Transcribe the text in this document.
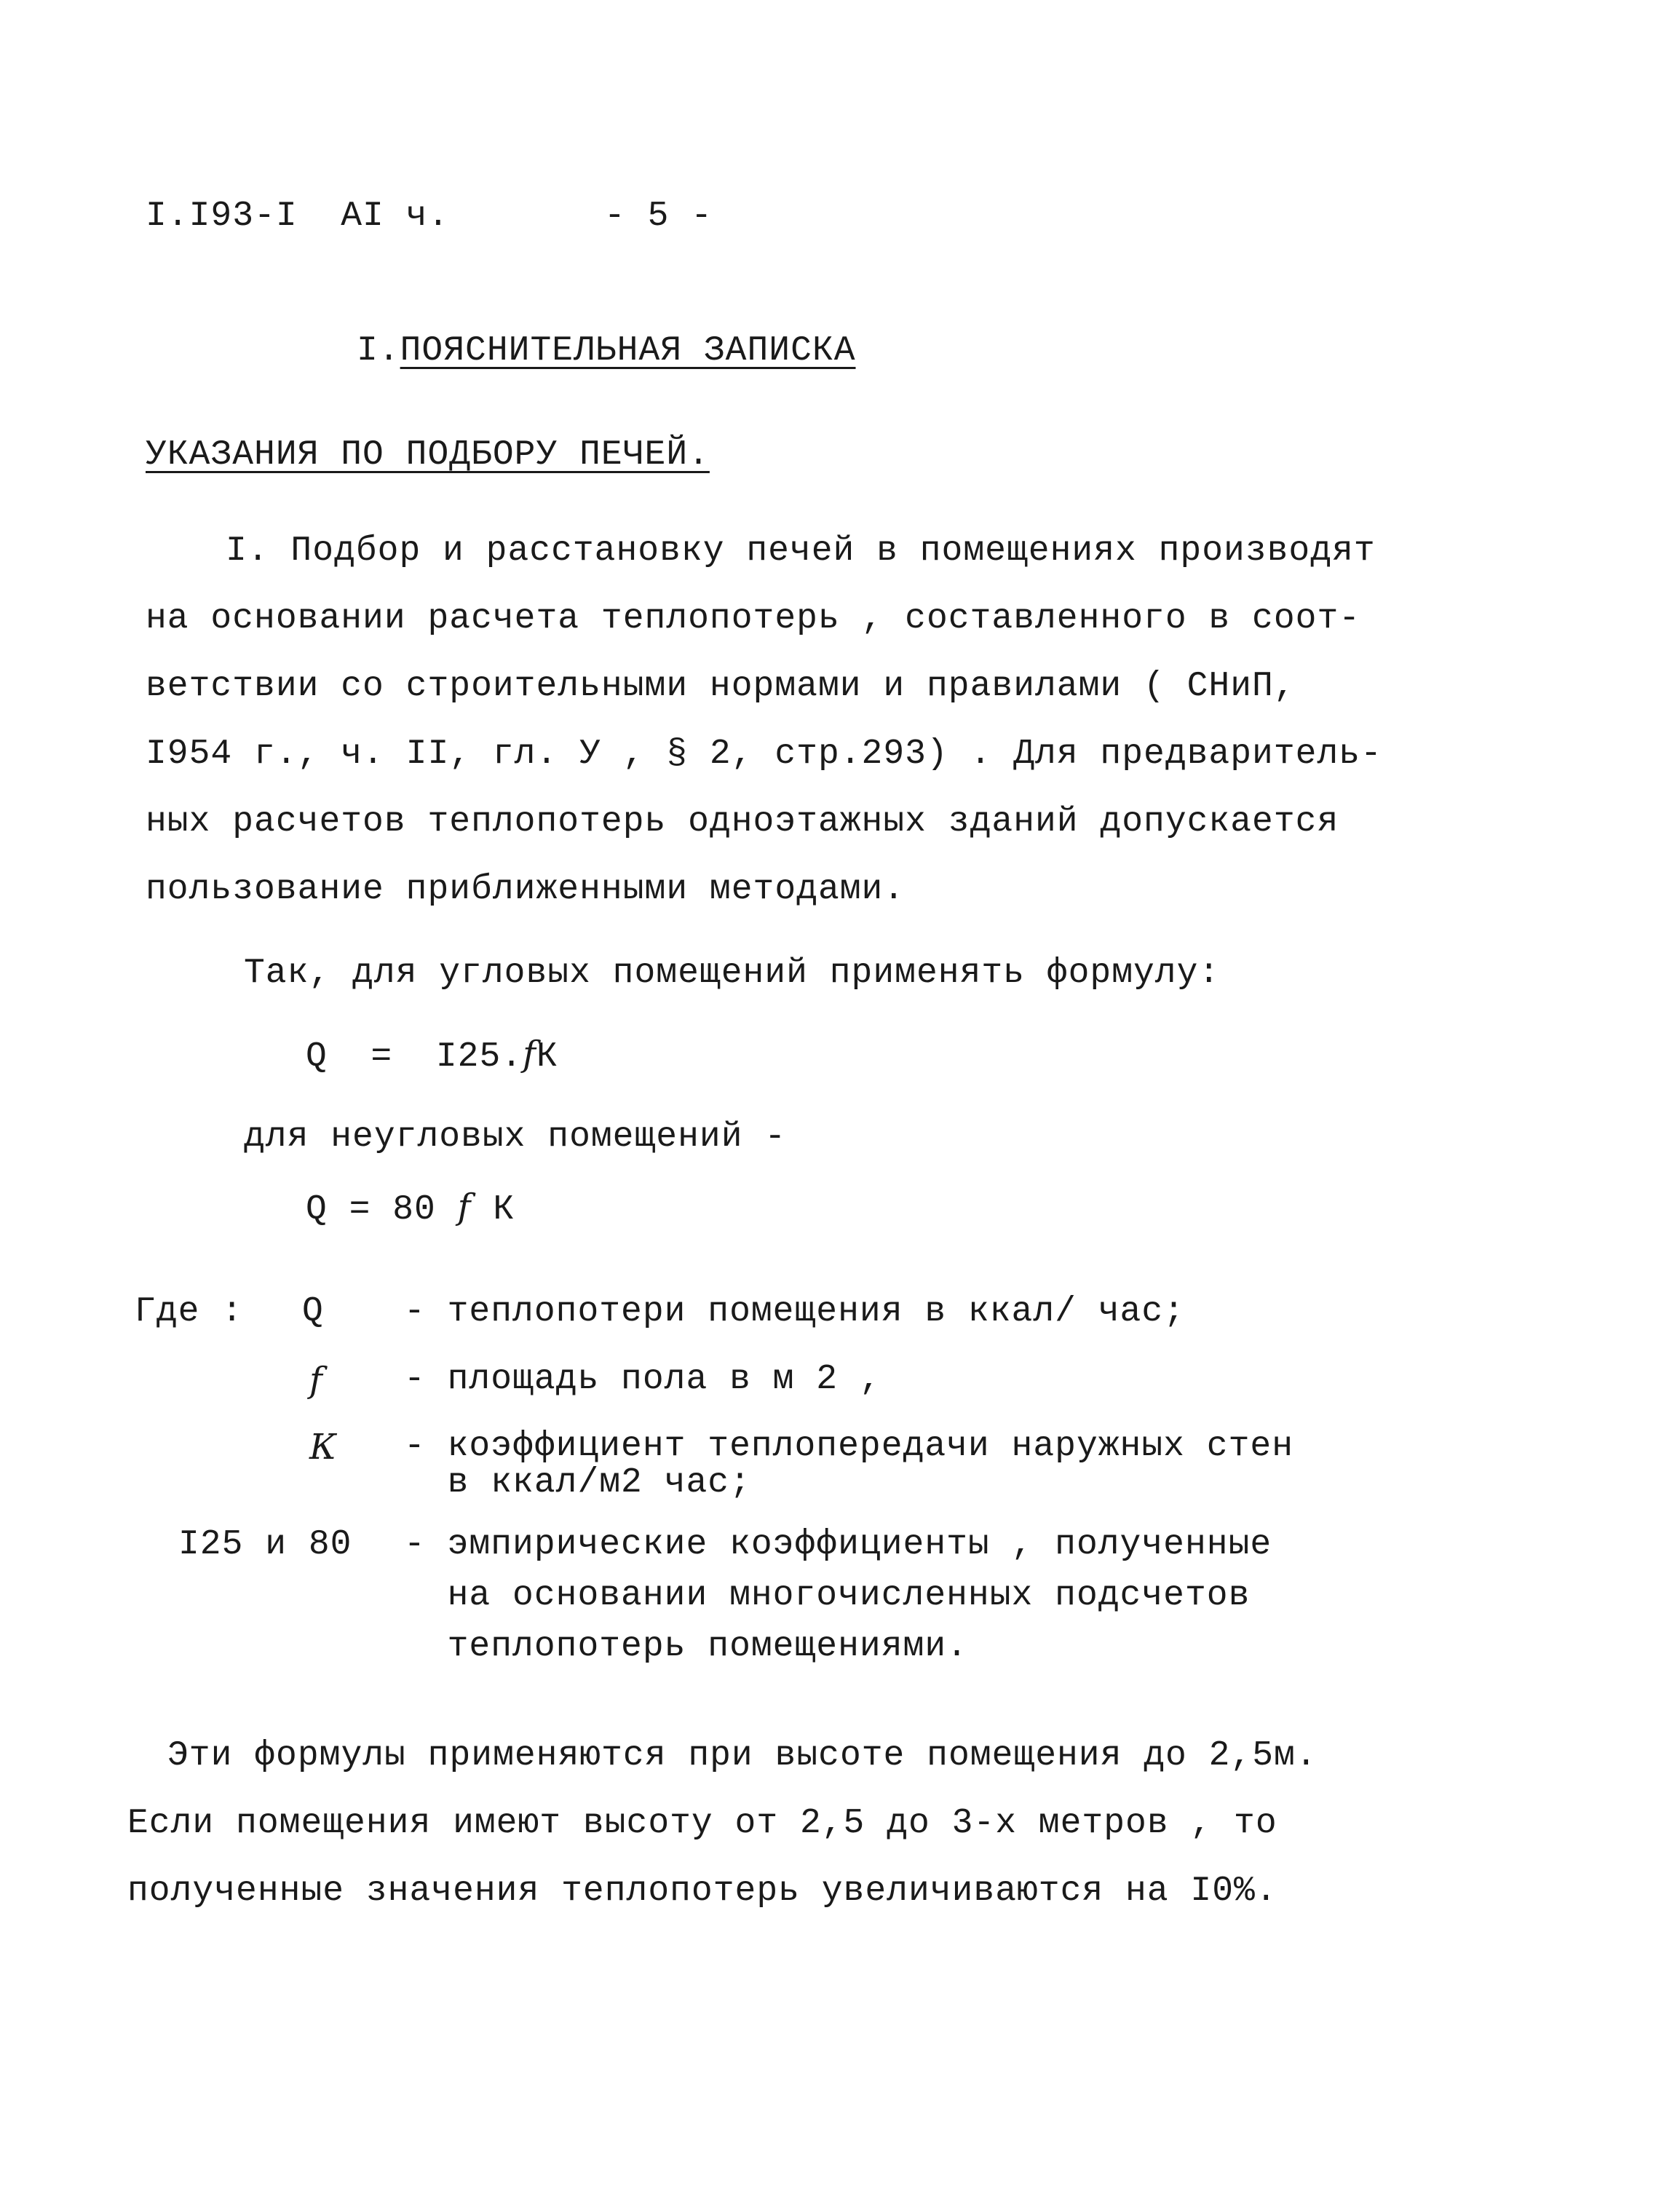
I.I93-I  AI ч.	- 5 -
I.ПОЯСНИТЕЛЬНАЯ ЗАПИСКА
УКАЗАНИЯ ПО ПОДБОРУ ПЕЧЕЙ.
I. Подбор и расстановку печей в помещениях производят
на основании расчета теплопотерь , составленного в соот-
ветствии со строительными нормами и правилами ( СНиП,
I954 г., ч. II, гл. У , § 2, стр.293) . Для предваритель-
ных расчетов теплопотерь одноэтажных зданий допускается
пользование приближенными методами.
Так, для угловых помещений применять формулу:
Q = I25.fК
для неугловых помещений -
Q = 80 f К
Где : Q - теплопотери помещения в ккал/ час;
f - площадь пола в м 2 ,
К - коэффициент теплопередачи наружных стен
в ккал/м2 час;
I25 и 80 - эмпирические коэффициенты , полученные
на основании многочисленных подсчетов
теплопотерь помещениями.
Эти формулы применяются при высоте помещения до 2,5м.
Если помещения имеют высоту от 2,5 до 3-х метров , то
полученные значения теплопотерь увеличиваются на I0%.
